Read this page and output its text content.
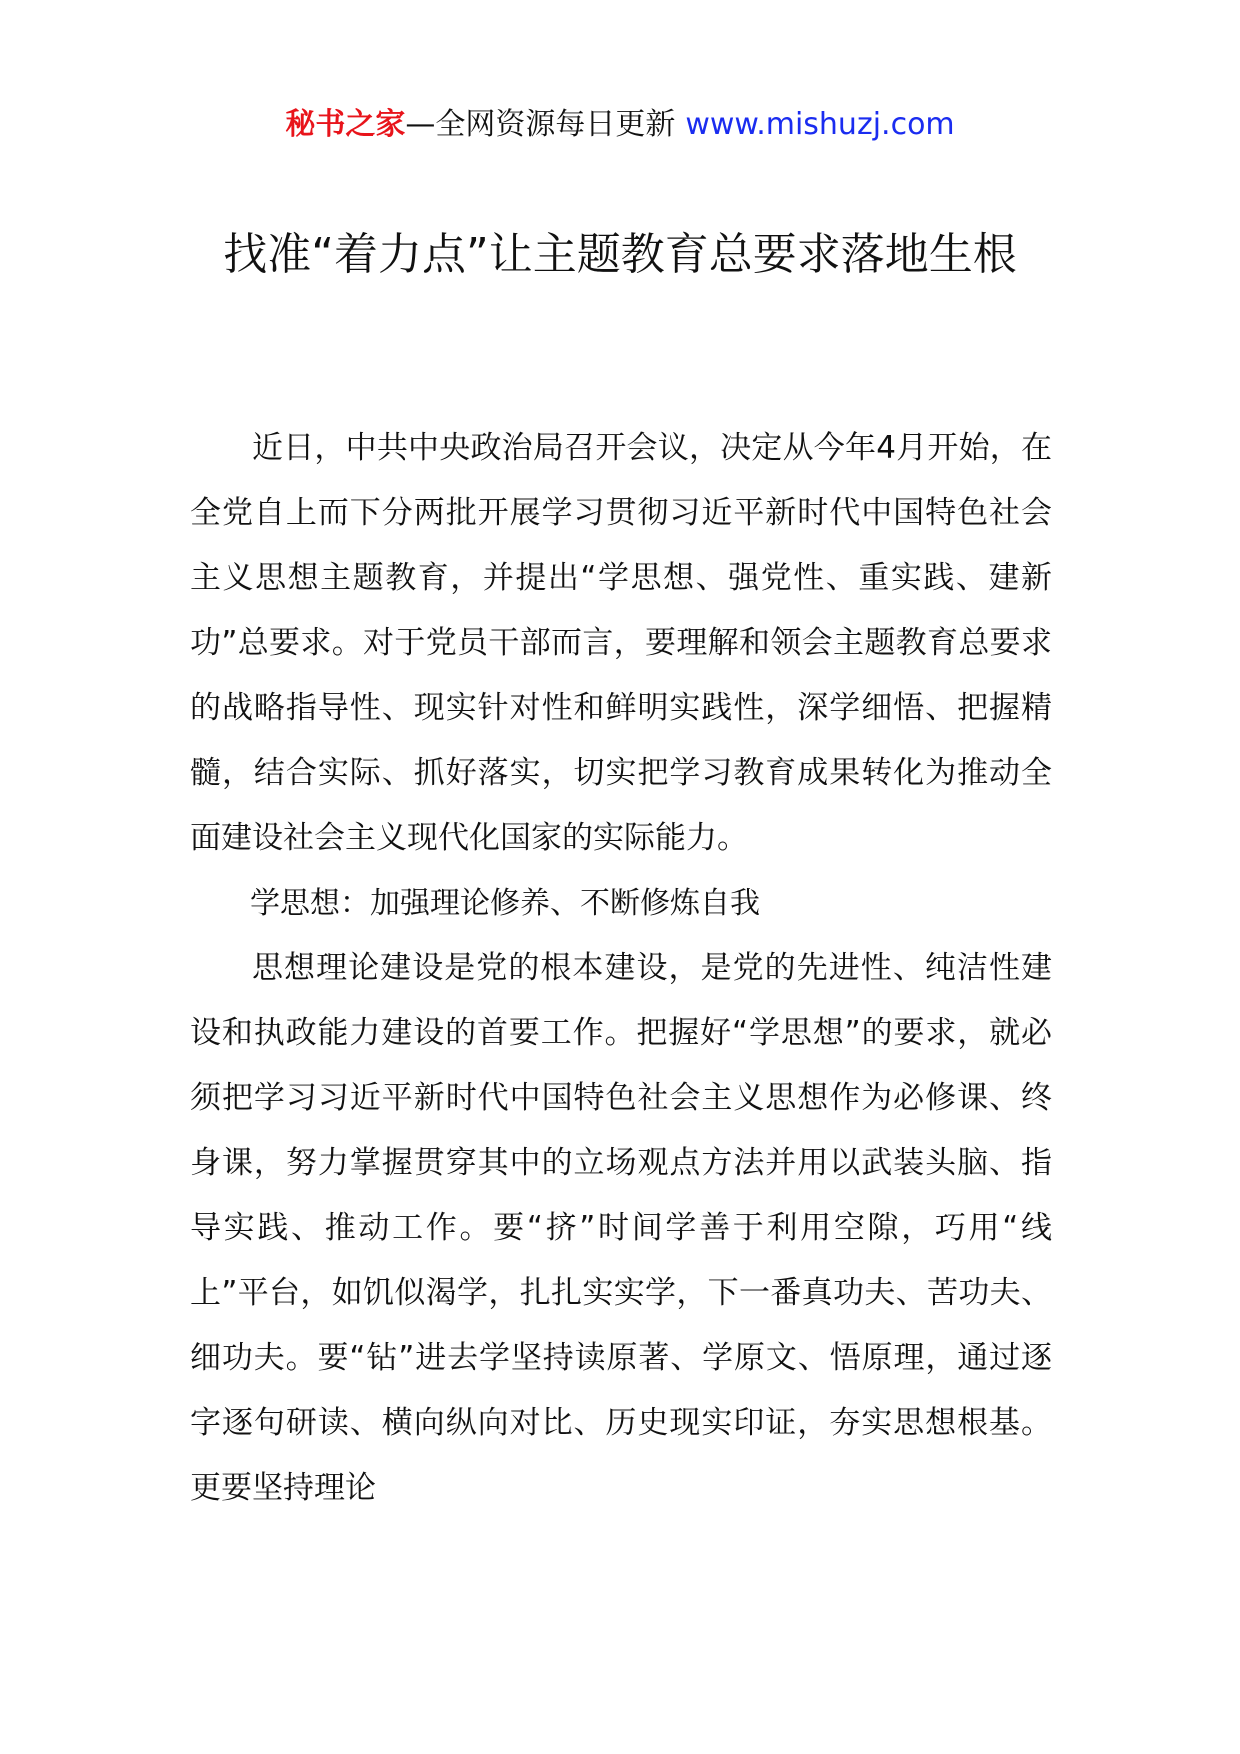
秘书之家—全网资源每日更新 www.mishuzj.com
找准“着力点”让主题教育总要求落地生根

近日，中共中央政治局召开会议，决定从今年4月开始，在全党自上而下分两批开展学习贯彻习近平新时代中国特色社会主义思想主题教育，并提出“学思想、强党性、重实践、建新功”总要求。对于党员干部而言，要理解和领会主题教育总要求的战略指导性、现实针对性和鲜明实践性，深学细悟、把握精髓，结合实际、抓好落实，切实把学习教育成果转化为推动全面建设社会主义现代化国家的实际能力。

学思想：加强理论修养、不断修炼自我

思想理论建设是党的根本建设，是党的先进性、纯洁性建设和执政能力建设的首要工作。把握好“学思想”的要求，就必须把学习习近平新时代中国特色社会主义思想作为必修课、终身课，努力掌握贯穿其中的立场观点方法并用以武装头脑、指导实践、推动工作。要“挤”时间学善于利用空隙，巧用“线上”平台，如饥似渴学，扎扎实实学，下一番真功夫、苦功夫、细功夫。要“钻”进去学坚持读原著、学原文、悟原理，通过逐字逐句研读、横向纵向对比、历史现实印证，夯实思想根基。更要坚持理论
